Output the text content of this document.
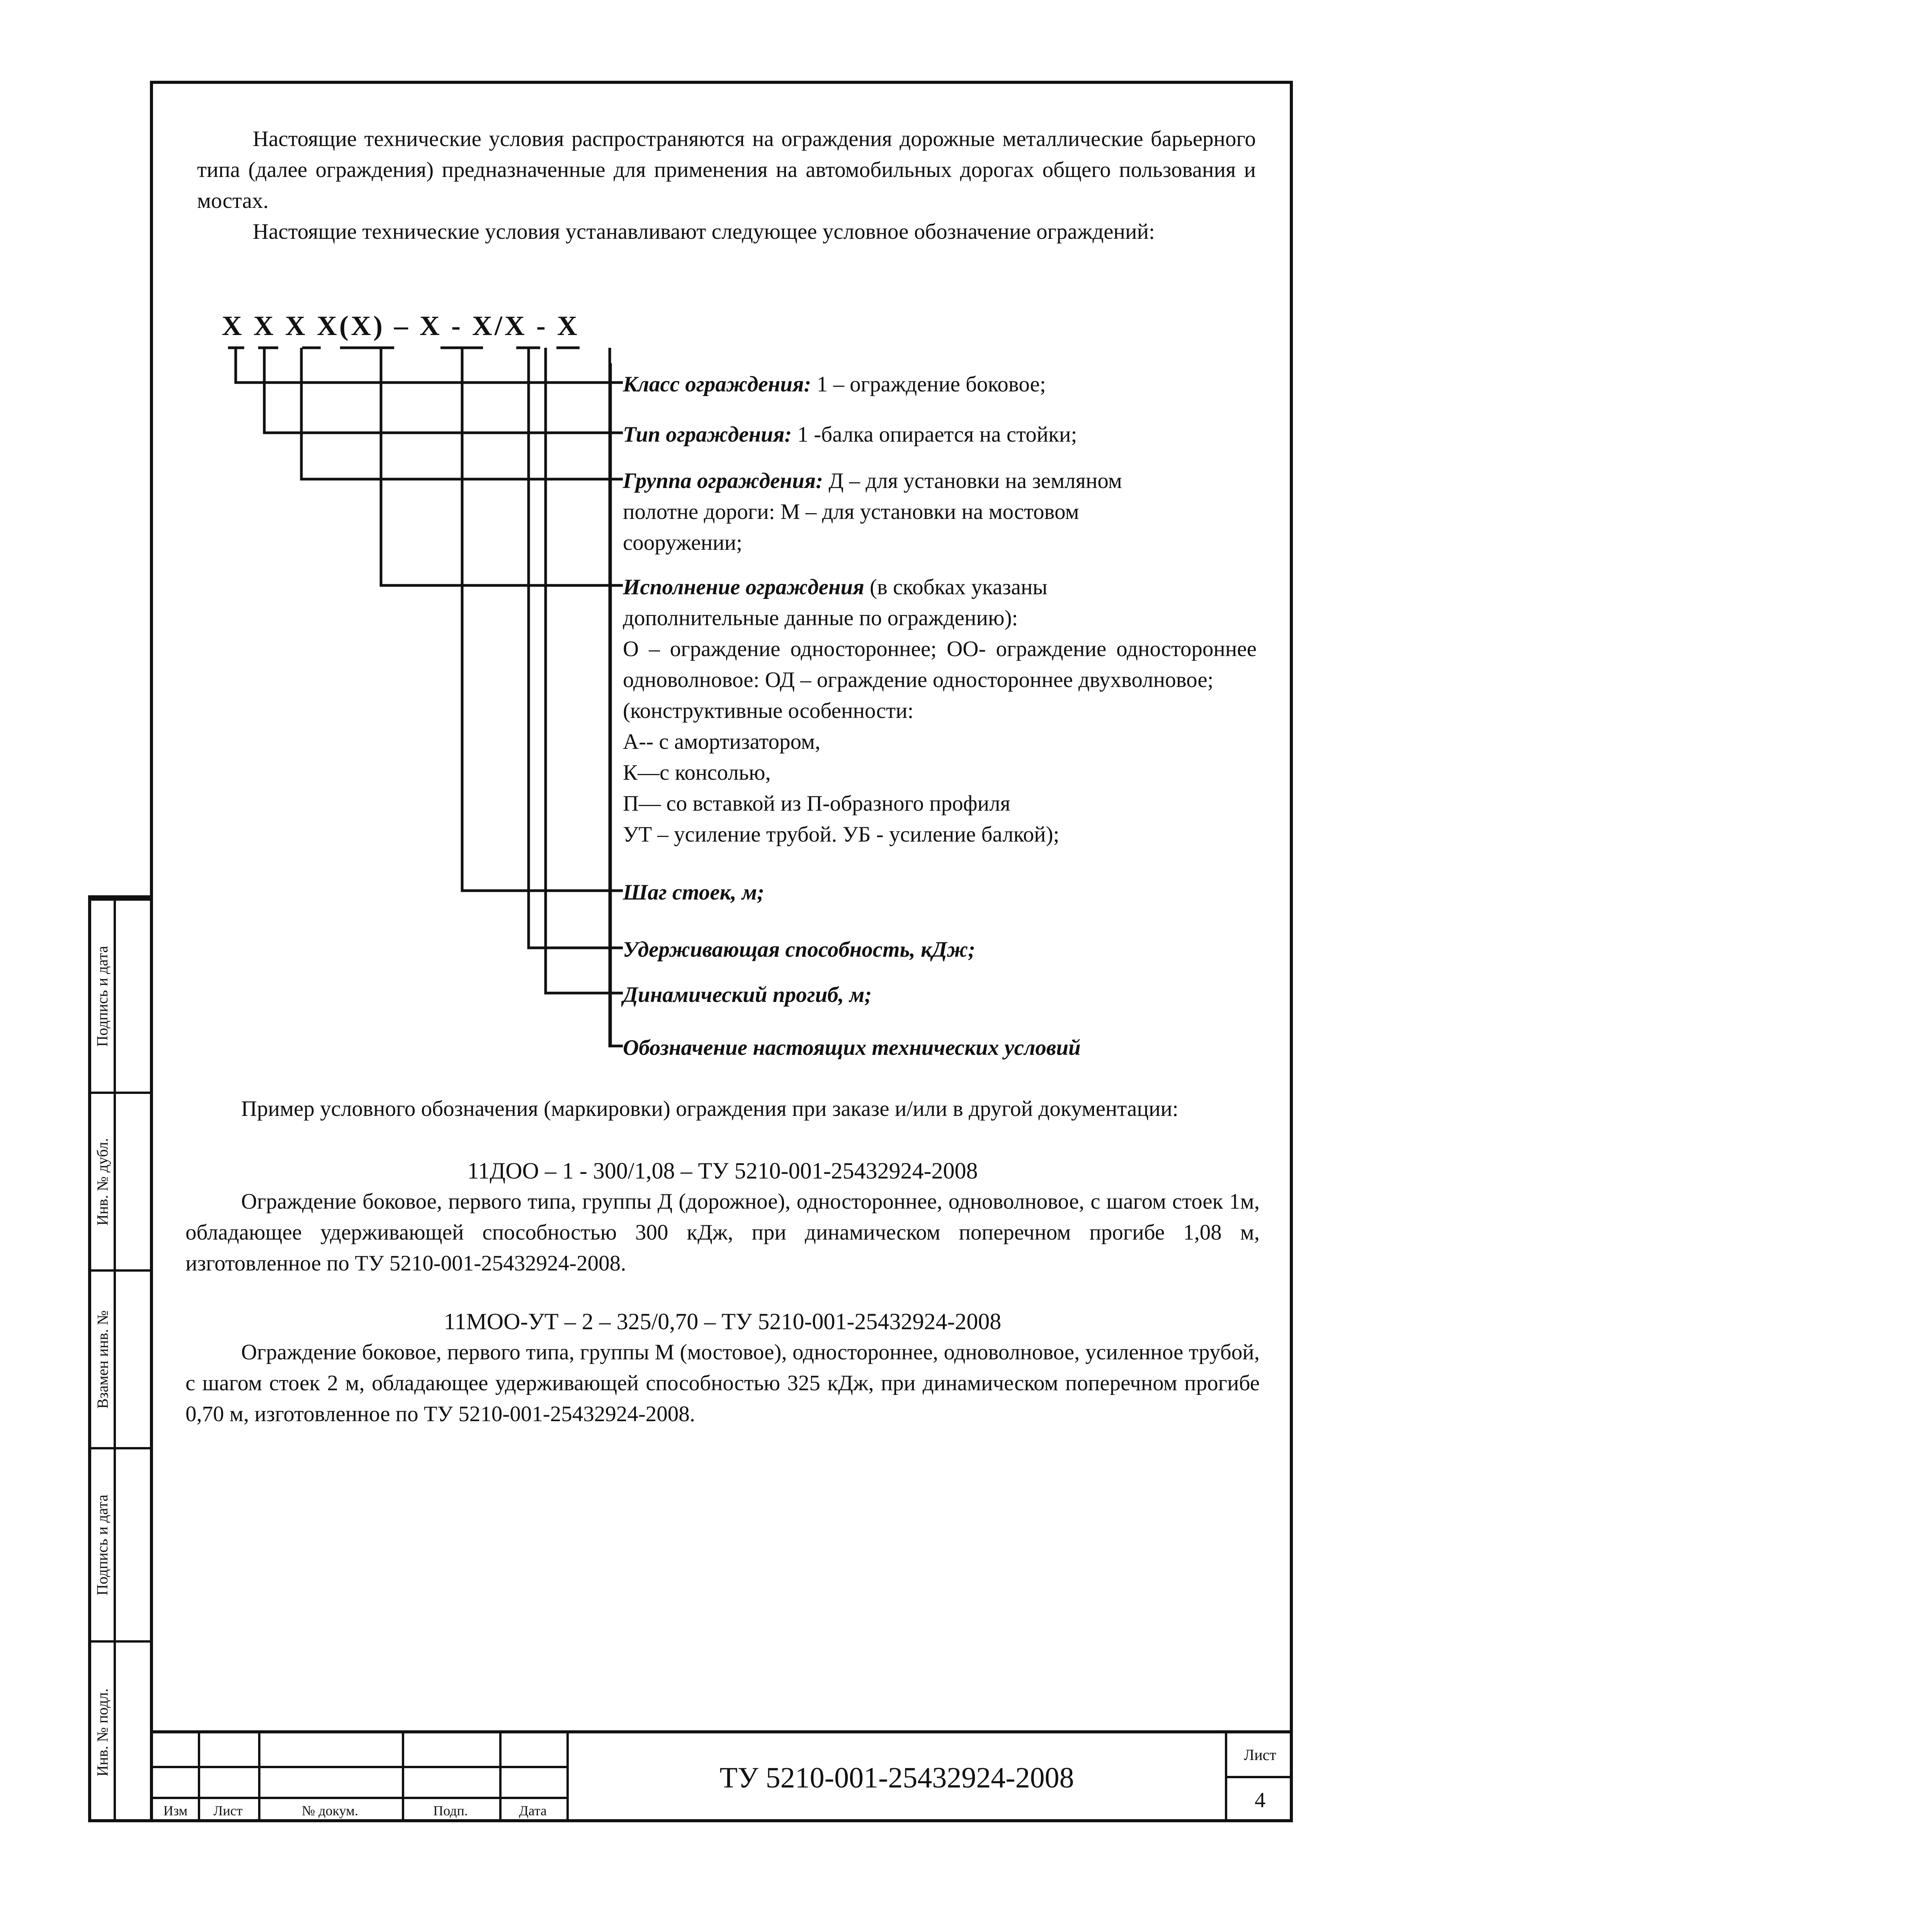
Подпись и дата
Инв. № дубл.
Взамен инв. №
Подпись и дата
Инв. № подл.
Настоящие технические условия распространяются на ограждения дорожные металлические барьерного типа (далее ограждения) предназначенные для применения на автомобильных дорогах общего пользования и мостах.
Настоящие технические условия устанавливают следующее условное обозначение ограждений:
X X X X(X) – X - X/X - X
Класс ограждения: 1 – ограждение боковое;
Тип ограждения: 1 -балка опирается на стойки;
Группа ограждения: Д – для установки на земляном полотне дороги: М – для установки на мостовом сооружении;
Исполнение ограждения (в скобках указаны дополнительные данные по ограждению):
О – ограждение одностороннее; ОО- ограждение одностороннее одноволновое: ОД – ограждение одностороннее двухволновое;
(конструктивные особенности:
А-- с амортизатором,
К—с консолью,
П— со вставкой из П-образного профиля
УТ – усиление трубой. УБ - усиление балкой);
Шаг стоек, м;
Удерживающая способность, кДж;
Динамический прогиб, м;
Обозначение настоящих технических условий
Пример условного обозначения (маркировки) ограждения при заказе и/или в другой документации:
11ДОО – 1 - 300/1,08 – ТУ 5210-001-25432924-2008
Ограждение боковое, первого типа, группы Д (дорожное), одностороннее, одноволновое, с шагом стоек 1м, обладающее удерживающей способностью 300 кДж, при динамическом поперечном прогибе 1,08 м, изготовленное по ТУ 5210-001-25432924-2008.
11МОО-УТ – 2 – 325/0,70 – ТУ 5210-001-25432924-2008
Ограждение боковое, первого типа, группы М (мостовое), одностороннее, одноволновое, усиленное трубой, с шагом стоек 2 м, обладающее удерживающей способностью 325 кДж, при динамическом поперечном прогибе 0,70 м, изготовленное по ТУ 5210-001-25432924-2008.
Изм	Лист	№ докум.	Подп.	Дата
ТУ 5210-001-25432924-2008
Лист
4
